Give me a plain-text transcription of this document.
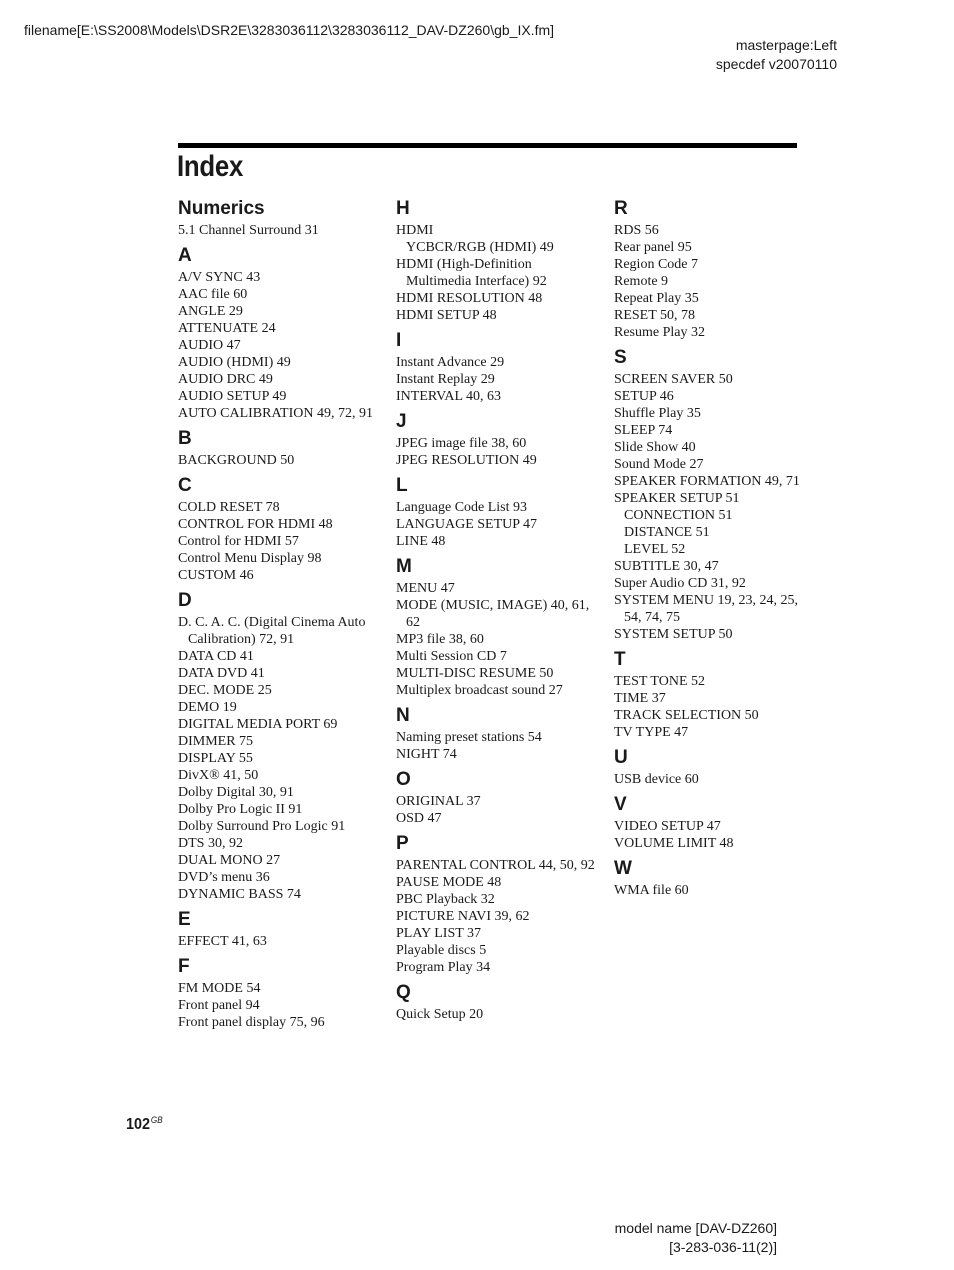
filename[E:\SS2008\Models\DSR2E\3283036112\3283036112_DAV-DZ260\gb_IX.fm]
masterpage:Left
specdef v20070110
Index
Numerics
5.1 Channel Surround 31
A
A/V SYNC 43
AAC file 60
ANGLE 29
ATTENUATE 24
AUDIO 47
AUDIO (HDMI) 49
AUDIO DRC 49
AUDIO SETUP 49
AUTO CALIBRATION 49, 72, 91
B
BACKGROUND 50
C
COLD RESET 78
CONTROL FOR HDMI 48
Control for HDMI 57
Control Menu Display 98
CUSTOM 46
D
D. C. A. C. (Digital Cinema Auto Calibration) 72, 91
DATA CD 41
DATA DVD 41
DEC. MODE 25
DEMO 19
DIGITAL MEDIA PORT 69
DIMMER 75
DISPLAY 55
DivX® 41, 50
Dolby Digital 30, 91
Dolby Pro Logic II 91
Dolby Surround Pro Logic 91
DTS 30, 92
DUAL MONO 27
DVD’s menu 36
DYNAMIC BASS 74
E
EFFECT 41, 63
F
FM MODE 54
Front panel 94
Front panel display 75, 96
H
HDMI
YCBCR/RGB (HDMI) 49
HDMI (High-Definition Multimedia Interface) 92
HDMI RESOLUTION 48
HDMI SETUP 48
I
Instant Advance 29
Instant Replay 29
INTERVAL 40, 63
J
JPEG image file 38, 60
JPEG RESOLUTION 49
L
Language Code List 93
LANGUAGE SETUP 47
LINE 48
M
MENU 47
MODE (MUSIC, IMAGE) 40, 61, 62
MP3 file 38, 60
Multi Session CD 7
MULTI-DISC RESUME 50
Multiplex broadcast sound 27
N
Naming preset stations 54
NIGHT 74
O
ORIGINAL 37
OSD 47
P
PARENTAL CONTROL 44, 50, 92
PAUSE MODE 48
PBC Playback 32
PICTURE NAVI 39, 62
PLAY LIST 37
Playable discs 5
Program Play 34
Q
Quick Setup 20
R
RDS 56
Rear panel 95
Region Code 7
Remote 9
Repeat Play 35
RESET 50, 78
Resume Play 32
S
SCREEN SAVER 50
SETUP 46
Shuffle Play 35
SLEEP 74
Slide Show 40
Sound Mode 27
SPEAKER FORMATION 49, 71
SPEAKER SETUP 51
CONNECTION 51
DISTANCE 51
LEVEL 52
SUBTITLE 30, 47
Super Audio CD 31, 92
SYSTEM MENU 19, 23, 24, 25, 54, 74, 75
SYSTEM SETUP 50
T
TEST TONE 52
TIME 37
TRACK SELECTION 50
TV TYPE 47
U
USB device 60
V
VIDEO SETUP 47
VOLUME LIMIT 48
W
WMA file 60
$102^{GB}$
model name [DAV-DZ260]
[3-283-036-11(2)]
